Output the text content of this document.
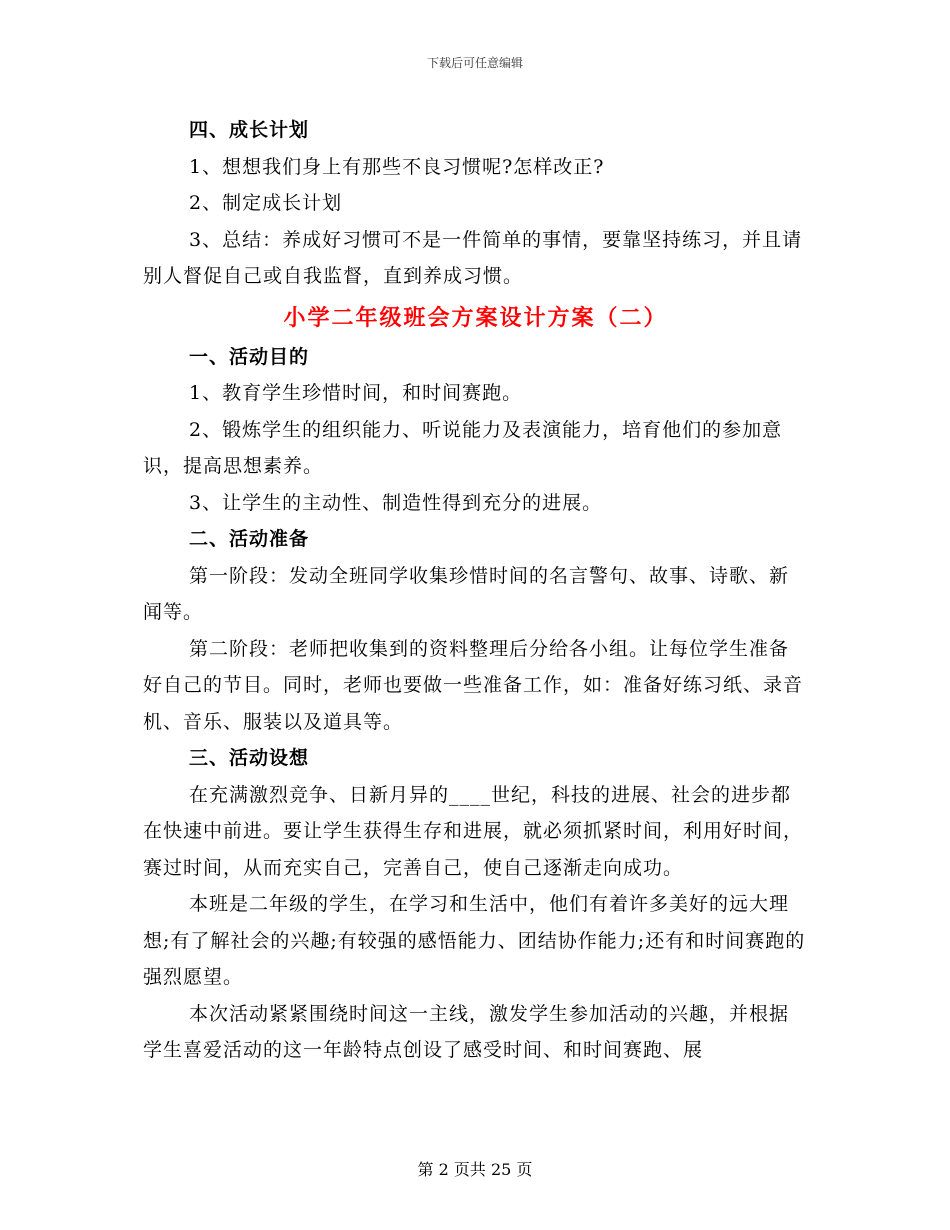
下载后可任意编辑

四、成长计划

1、想想我们身上有那些不良习惯呢?怎样改正?

2、制定成长计划

3、总结：养成好习惯可不是一件简单的事情，要靠坚持练习，并且请别人督促自己或自我监督，直到养成习惯。

小学二年级班会方案设计方案（二）

一、活动目的

1、教育学生珍惜时间，和时间赛跑。

2、锻炼学生的组织能力、听说能力及表演能力，培育他们的参加意识，提高思想素养。

3、让学生的主动性、制造性得到充分的进展。

二、活动准备

第一阶段：发动全班同学收集珍惜时间的名言警句、故事、诗歌、新闻等。

第二阶段：老师把收集到的资料整理后分给各小组。让每位学生准备好自己的节目。同时，老师也要做一些准备工作，如：准备好练习纸、录音机、音乐、服装以及道具等。

三、活动设想

在充满激烈竞争、日新月异的____世纪，科技的进展、社会的进步都在快速中前进。要让学生获得生存和进展，就必须抓紧时间，利用好时间，赛过时间，从而充实自己，完善自己，使自己逐渐走向成功。

本班是二年级的学生，在学习和生活中，他们有着许多美好的远大理想;有了解社会的兴趣;有较强的感悟能力、团结协作能力;还有和时间赛跑的强烈愿望。

本次活动紧紧围绕时间这一主线，激发学生参加活动的兴趣，并根据学生喜爱活动的这一年龄特点创设了感受时间、和时间赛跑、展

第 2 页共 25 页
